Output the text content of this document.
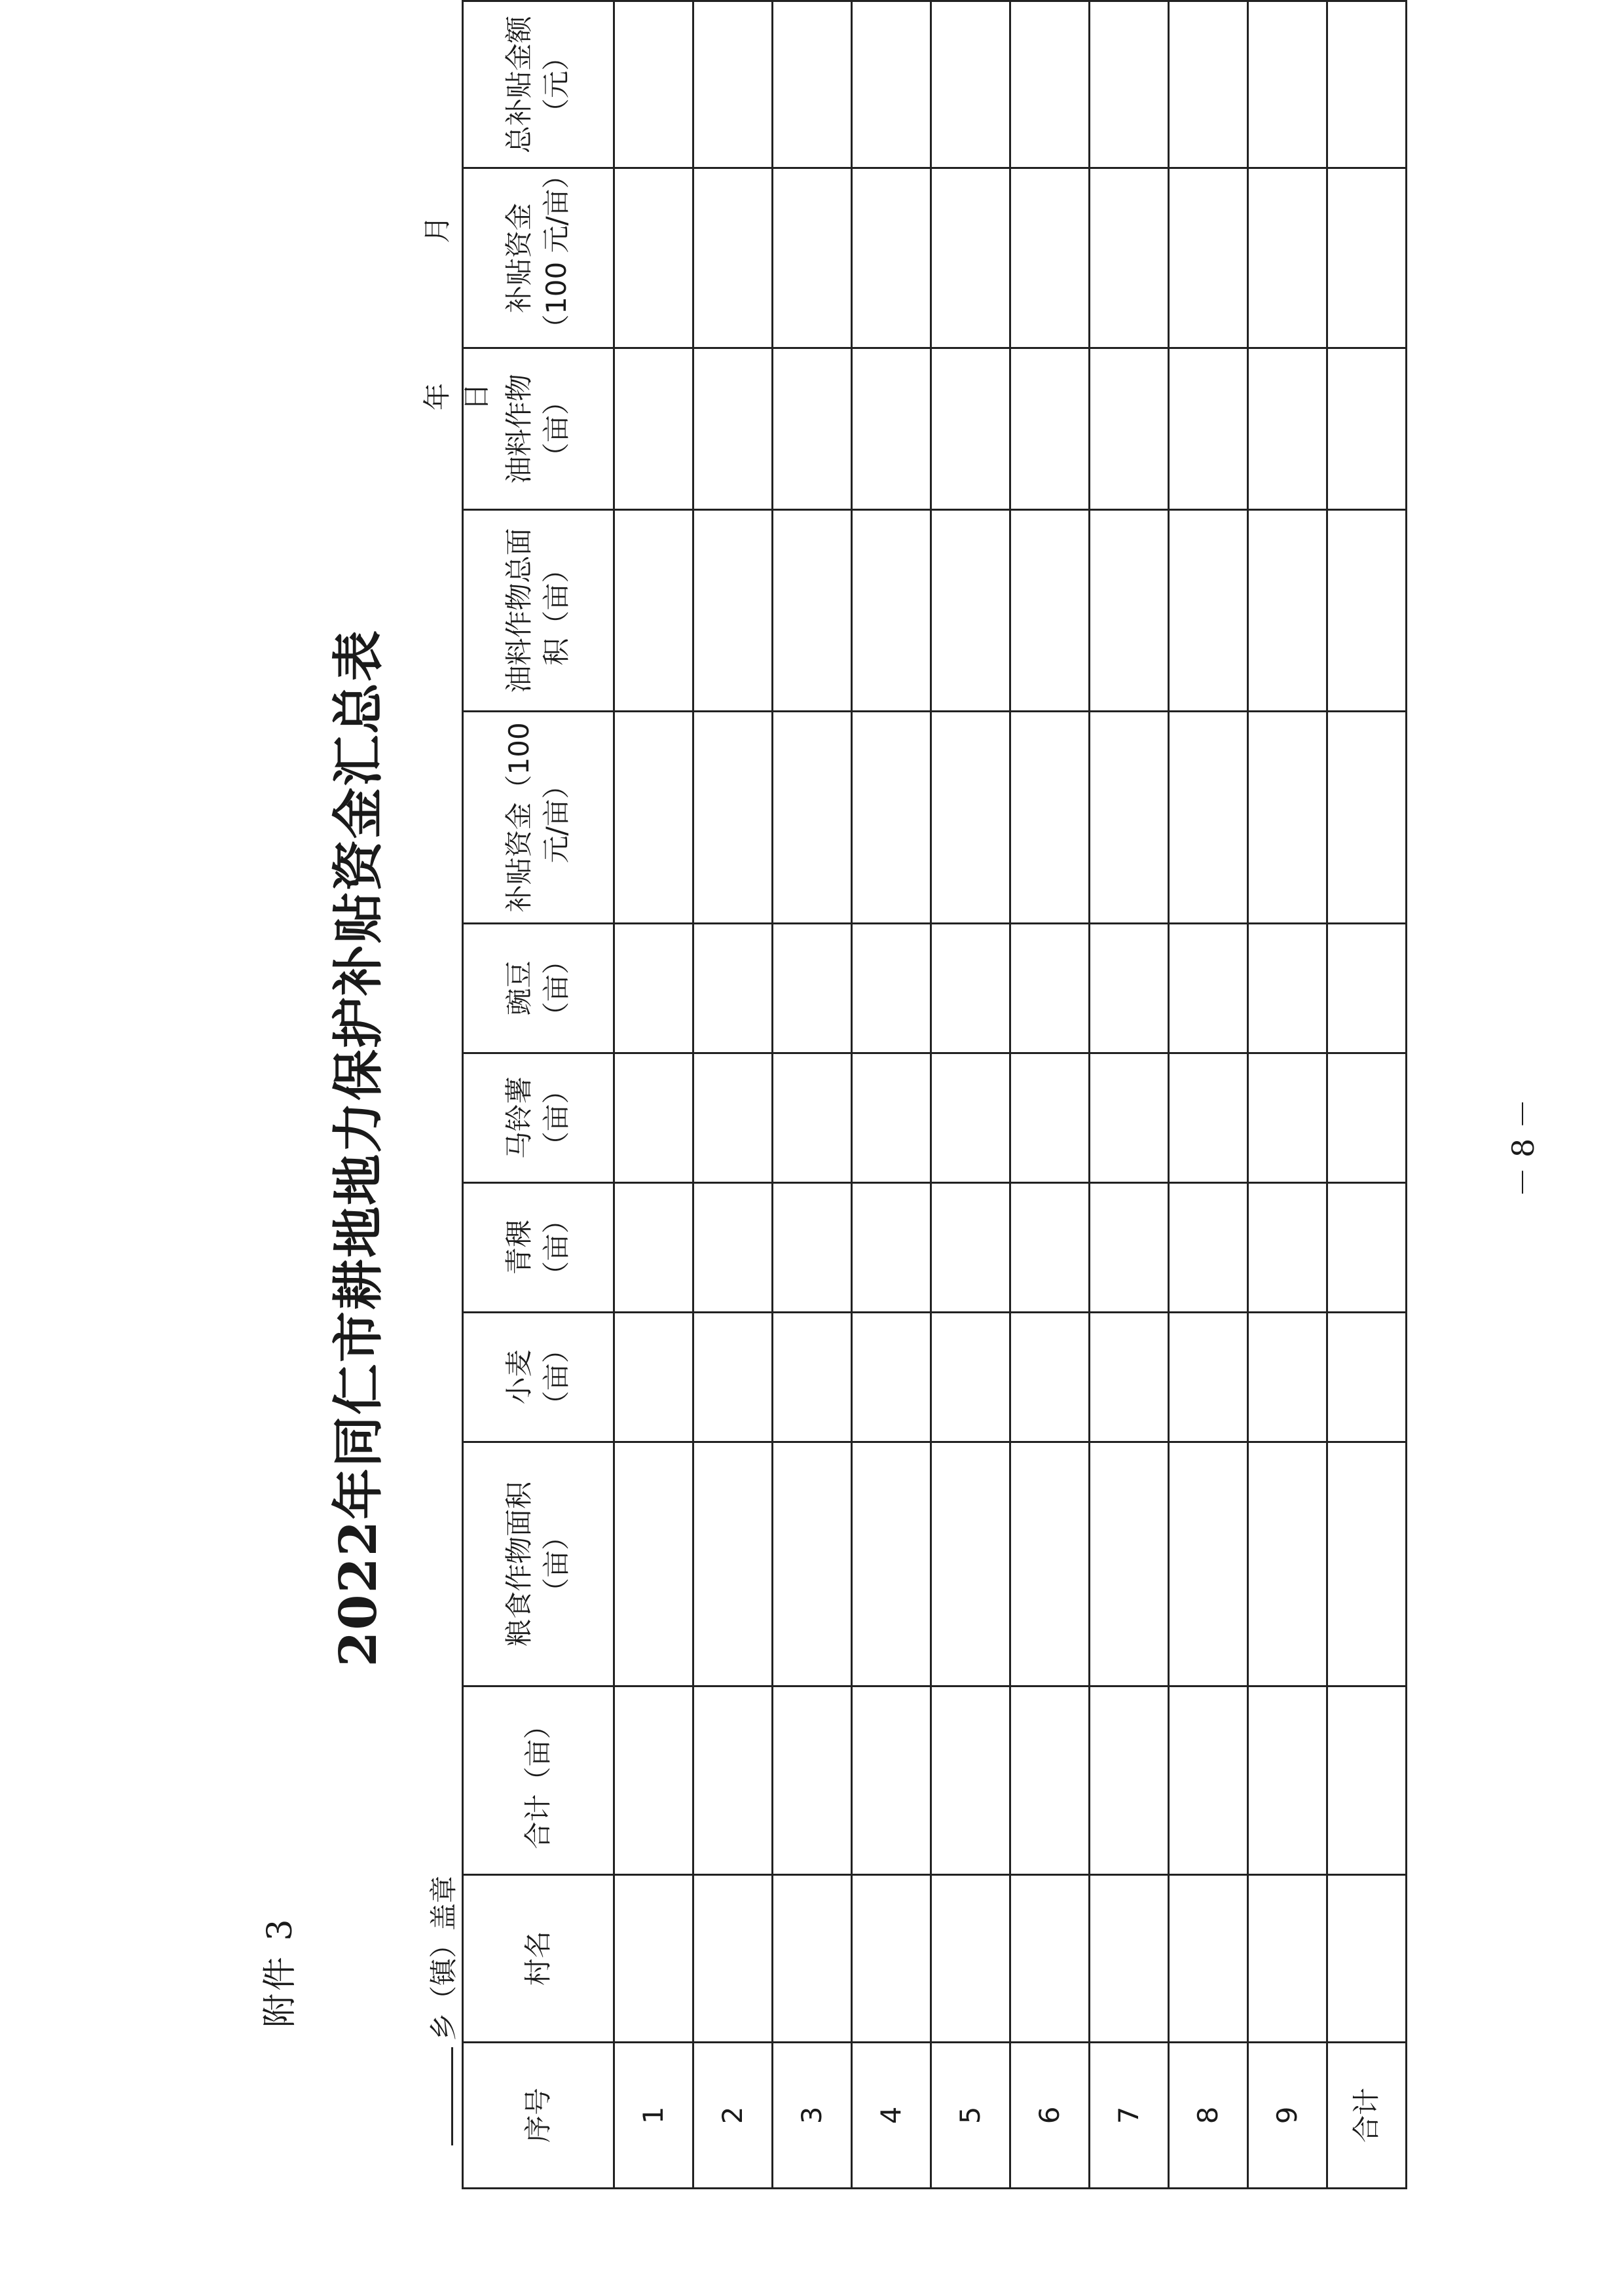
附件 3
2022年同仁市耕地地力保护补贴资金汇总表
乡（镇）盖章
年 月 日
序号	村名	合计（亩）	粮食作物面积（亩）	小麦（亩）	青稞（亩）	马铃薯（亩）	豌豆（亩）	补贴资金（100 元/亩）	油料作物总面积（亩）	油料作物（亩）	补贴资金（100 元/亩）	总补贴金额（元）
1												
2												
3												
4												
5												
6												
7												
8												
9												
合计												
－ 8 －
